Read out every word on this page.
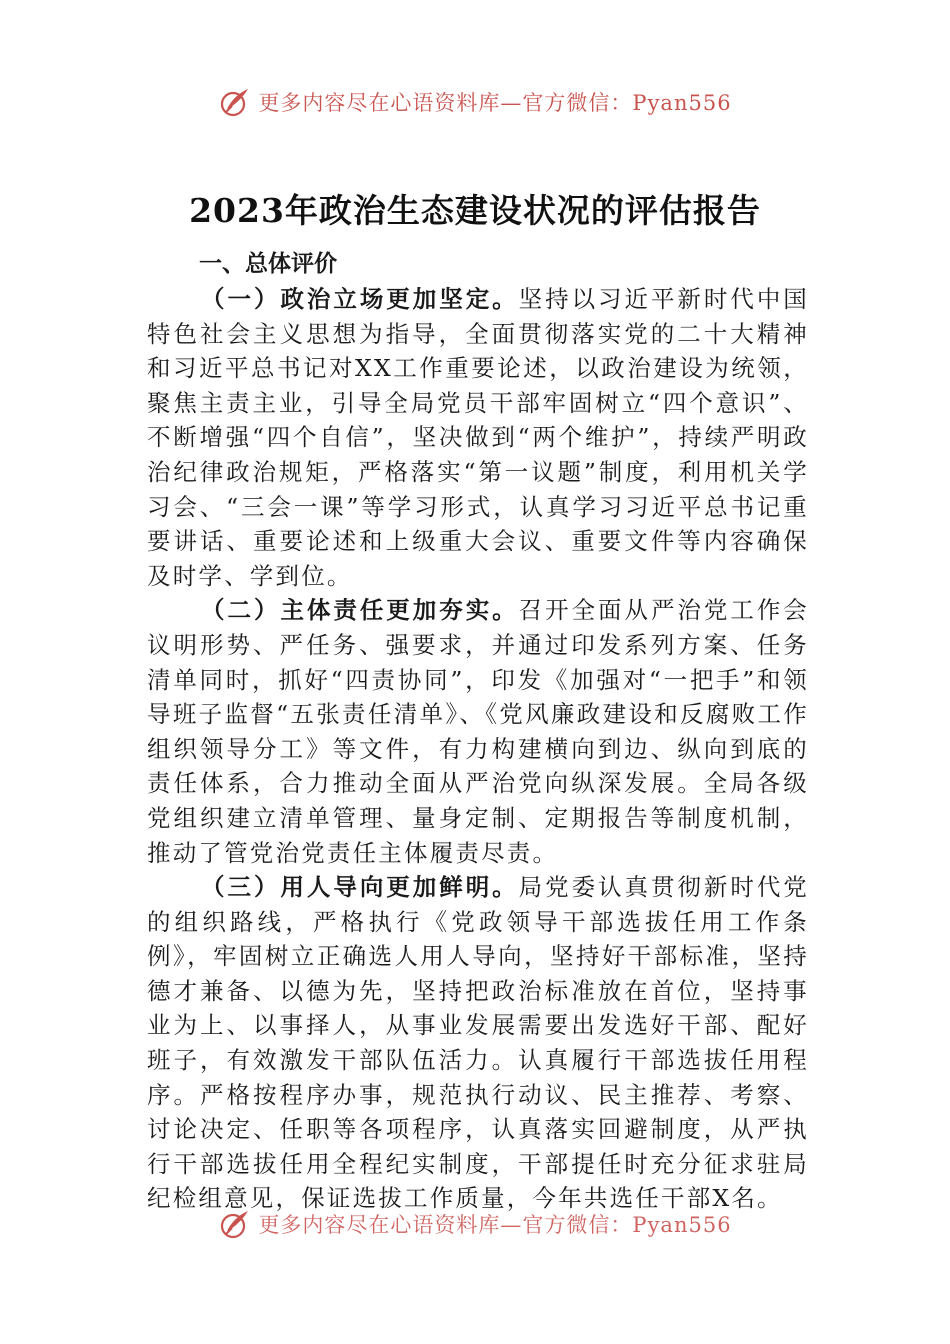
更多内容尽在心语资料库—官方微信：Pyan556
2023年政治生态建设状况的评估报告

一、总体评价

（一）政治立场更加坚定。坚持以习近平新时代中国特色社会主义思想为指导，全面贯彻落实党的二十大精神和习近平总书记对XX工作重要论述，以政治建设为统领，聚焦主责主业，引导全局党员干部牢固树立“四个意识”、不断增强“四个自信”，坚决做到“两个维护”，持续严明政治纪律政治规矩，严格落实“第一议题”制度，利用机关学习会、“三会一课”等学习形式，认真学习习近平总书记重要讲话、重要论述和上级重大会议、重要文件等内容确保及时学、学到位。

（二）主体责任更加夯实。召开全面从严治党工作会议明形势、严任务、强要求，并通过印发系列方案、任务清单同时，抓好“四责协同”，印发《加强对“一把手”和领导班子监督“五张责任清单》、《党风廉政建设和反腐败工作组织领导分工》等文件，有力构建横向到边、纵向到底的责任体系，合力推动全面从严治党向纵深发展。全局各级党组织建立清单管理、量身定制、定期报告等制度机制，推动了管党治党责任主体履责尽责。

（三）用人导向更加鲜明。局党委认真贯彻新时代党的组织路线，严格执行《党政领导干部选拔任用工作条例》，牢固树立正确选人用人导向，坚持好干部标准，坚持德才兼备、以德为先，坚持把政治标准放在首位，坚持事业为上、以事择人，从事业发展需要出发选好干部、配好班子，有效激发干部队伍活力。认真履行干部选拔任用程序。严格按程序办事，规范执行动议、民主推荐、考察、讨论决定、任职等各项程序，认真落实回避制度，从严执行干部选拔任用全程纪实制度，干部提任时充分征求驻局纪检组意见，保证选拔工作质量，今年共选任干部X名。

更多内容尽在心语资料库—官方微信：Pyan556
